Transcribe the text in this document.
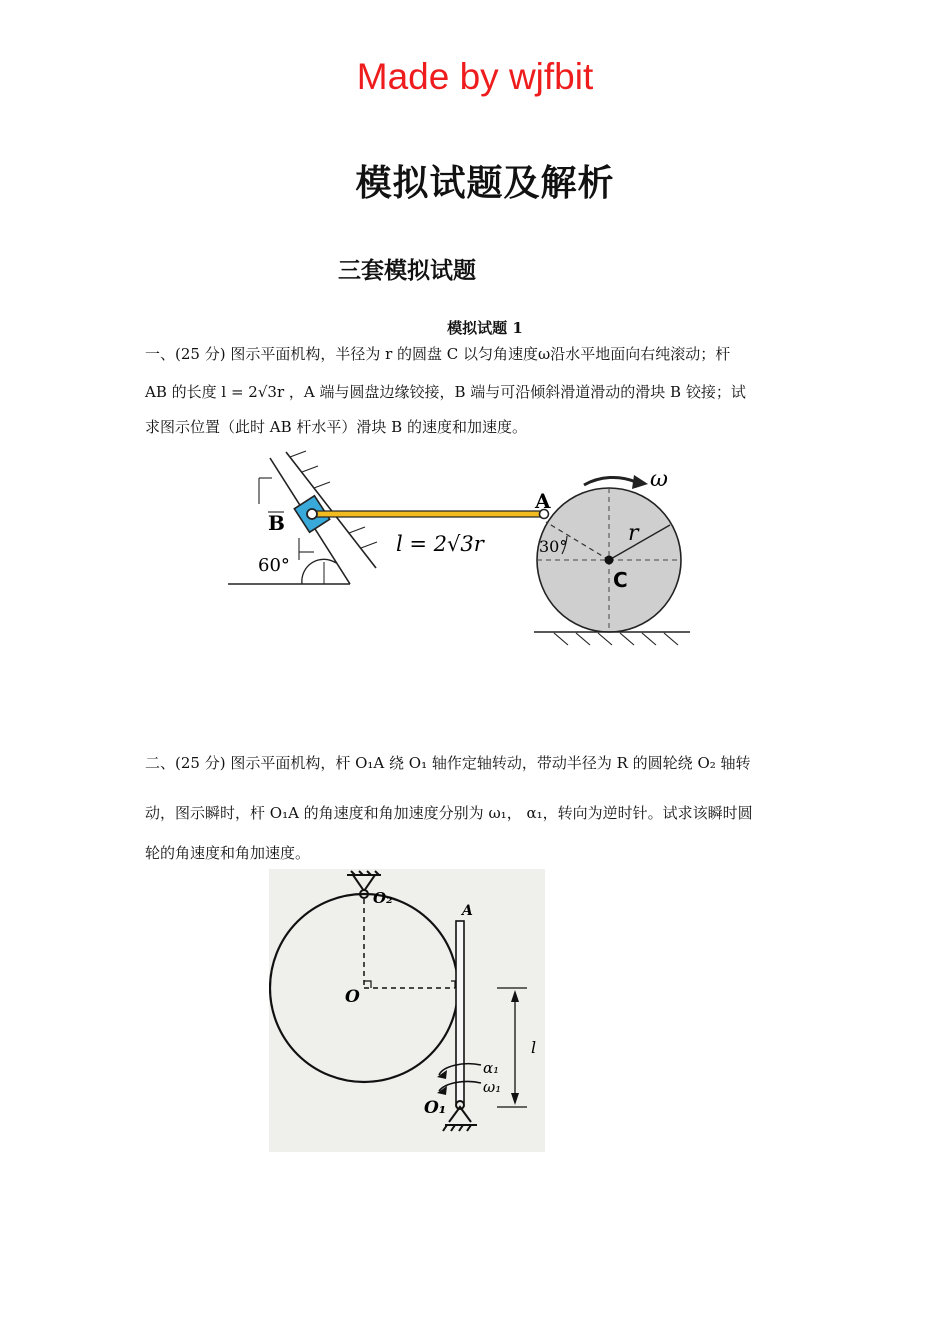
Made by wjfbit
模拟试题及解析
三套模拟试题
模拟试题 1
一、(25 分) 图示平面机构，半径为 r 的圆盘 C 以匀角速度ω沿水平地面向右纯滚动；杆
AB 的长度 l = 2√3r ，A 端与圆盘边缘铰接，B 端与可沿倾斜滑道滑动的滑块 B 铰接；试
求图示位置（此时 AB 杆水平）滑块 B 的速度和加速度。
B
A
C
ω
r
l = 2√3r	30°
60°
二、(25 分) 图示平面机构，杆 O₁A 绕 O₁ 轴作定轴转动，带动半径为 R 的圆轮绕 O₂ 轴转
动，图示瞬时，杆 O₁A 的角速度和角加速度分别为 ω₁， α₁，转向为逆时针。试求该瞬时圆
轮的角速度和角加速度。
O₂
O
A
O₁
l
α₁
ω₁
